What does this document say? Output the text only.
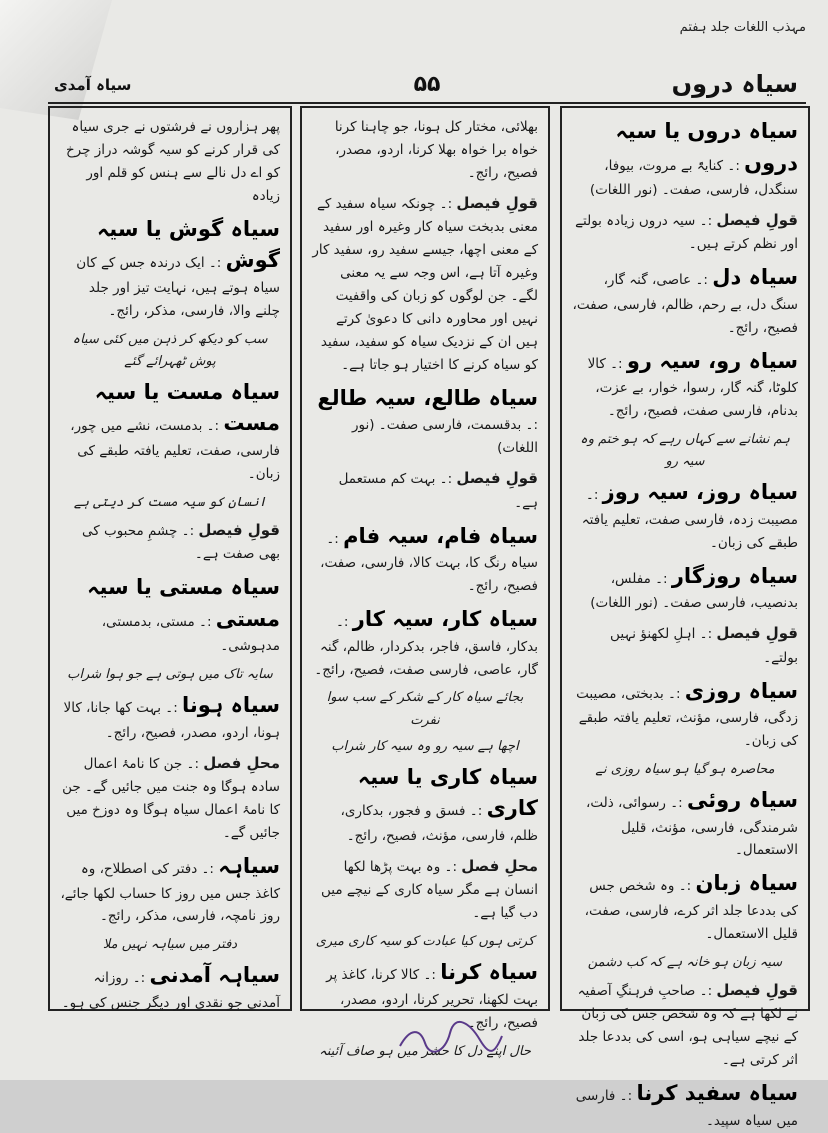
مہذب اللغات جلد ہفتم
سیاہ دروں
۵۵
سیاہ آمدی
سیاہ دروں یا سیہ دروں :۔ کنایۃً بے مروت، بیوفا، سنگدل، فارسی، صفت۔ (نور اللغات)
قولِ فیصل :۔ سیہ دروں زیادہ بولتے اور نظم کرتے ہیں۔
سیاہ دل :۔ عاصی، گنہ گار، سنگ دل، بے رحم، ظالم، فارسی، صفت، فصیح، رائج۔
سیاہ رو، سیہ رو :۔ کالا کلوٹا، گنہ گار، رسوا، خوار، بے عزت، بدنام، فارسی صفت، فصیح، رائج۔
ہم نشانے سے کہاں رہے کہ ہو ختم وہ سیہ رو
سیاہ روز، سیہ روز :۔ مصیبت زدہ، فارسی صفت، تعلیم یافتہ طبقے کی زبان۔
سیاہ روزگار :۔ مفلس، بدنصیب، فارسی صفت۔ (نور اللغات)
قولِ فیصل :۔ اہلِ لکھنؤ نہیں بولتے۔
سیاہ روزی :۔ بدبختی، مصیبت زدگی، فارسی، مؤنث، تعلیم یافتہ طبقے کی زبان۔
محاصرہ ہو گیا ہو سیاہ روزی نے
سیاہ روئی :۔ رسوائی، ذلت، شرمندگی، فارسی، مؤنث، قلیل الاستعمال۔
سیاہ زبان :۔ وہ شخص جس کی بددعا جلد اثر کرے، فارسی، صفت، قلیل الاستعمال۔
سیہ زبان ہو خانہ ہے کہ کب دشمن
قولِ فیصل :۔ صاحبِ فرہنگِ آصفیہ نے لکھا ہے کہ وہ شخص جس کی زبان کے نیچے سیاہی ہو، اسی کی بددعا جلد اثر کرتی ہے۔
سیاہ سفید کرنا :۔ فارسی میں سیاہ سپید۔
بھلائی، مختار کل ہونا، جو چاہنا کرنا خواہ برا خواہ بھلا کرنا، اردو، مصدر، فصیح، رائج۔
قولِ فیصل :۔ چونکہ سیاہ سفید کے معنی بدبخت سیاہ کار وغیرہ اور سفید کے معنی اچھا، جیسے سفید رو، سفید کار وغیرہ آتا ہے، اس وجہ سے یہ معنی لگے۔ جن لوگوں کو زبان کی واقفیت نہیں اور محاورہ دانی کا دعویٰ کرتے ہیں ان کے نزدیک سیاہ کو سفید، سفید کو سیاہ کرنے کا اختیار ہو جاتا ہے۔
سیاہ طالع، سیہ طالع :۔ بدقسمت، فارسی صفت۔ (نور اللغات)
قولِ فیصل :۔ بہت کم مستعمل ہے۔
سیاہ فام، سیہ فام :۔ سیاہ رنگ کا، بہت کالا، فارسی، صفت، فصیح، رائج۔
سیاہ کار، سیہ کار :۔ بدکار، فاسق، فاجر، بدکردار، ظالم، گنہ گار، عاصی، فارسی صفت، فصیح، رائج۔
بجائے سیاہ کار کے شکر کے سب سوا نفرت
اچھا ہے سیہ رو وہ سیہ کار شراب
سیاہ کاری یا سیہ کاری :۔ فسق و فجور، بدکاری، ظلم، فارسی، مؤنث، فصیح، رائج۔
محلِ فصل :۔ وہ بہت پڑھا لکھا انسان ہے مگر سیاہ کاری کے نیچے میں دب گیا ہے۔
کرتی ہوں کیا عبادت کو سیہ کاری میری
سیاہ کرنا :۔ کالا کرنا، کاغذ پر بہت لکھنا، تحریر کرنا، اردو، مصدر، فصیح، رائج۔
حال اپنے دل کا حشر میں ہو صاف آئینہ
پھر ہزاروں نے فرشتوں نے جری سیاہ کی قرار کرنے کو سیہ گوشہ دراز چرخ کو اے دل نالے سے ہنس کو قلم اور زیادہ
سیاہ گوش یا سیہ گوش :۔ ایک درندہ جس کے کان سیاہ ہوتے ہیں، نہایت تیز اور جلد چلنے والا، فارسی، مذکر، رائج۔
سب کو دیکھ کر ذہن میں کئی سیاہ پوش ٹھہرائے گئے
سیاہ مست یا سیہ مست :۔ بدمست، نشے میں چور، فارسی، صفت، تعلیم یافتہ طبقے کی زبان۔
انسان کو سیہ مست کر دیتی ہے
قولِ فیصل :۔ چشمِ محبوب کی بھی صفت ہے۔
سیاہ مستی یا سیہ مستی :۔ مستی، بدمستی، مدہوشی۔
سایہ تاک میں ہوتی ہے جو ہوا شراب
سیاہ ہونا :۔ بہت کھا جانا، کالا ہونا، اردو، مصدر، فصیح، رائج۔
محلِ فصل :۔ جن کا نامۂ اعمال سادہ ہوگا وہ جنت میں جائیں گے۔ جن کا نامۂ اعمال سیاہ ہوگا وہ دوزخ میں جائیں گے۔
سیاہہ :۔ دفتر کی اصطلاح، وہ کاغذ جس میں روز کا حساب لکھا جائے، روز نامچہ، فارسی، مذکر، رائج۔
دفتر میں سیاہہ نہیں ملا
سیاہہ آمدنی :۔ روزانہ آمدنی جو نقدی اور دیگر جنس کی ہو۔
